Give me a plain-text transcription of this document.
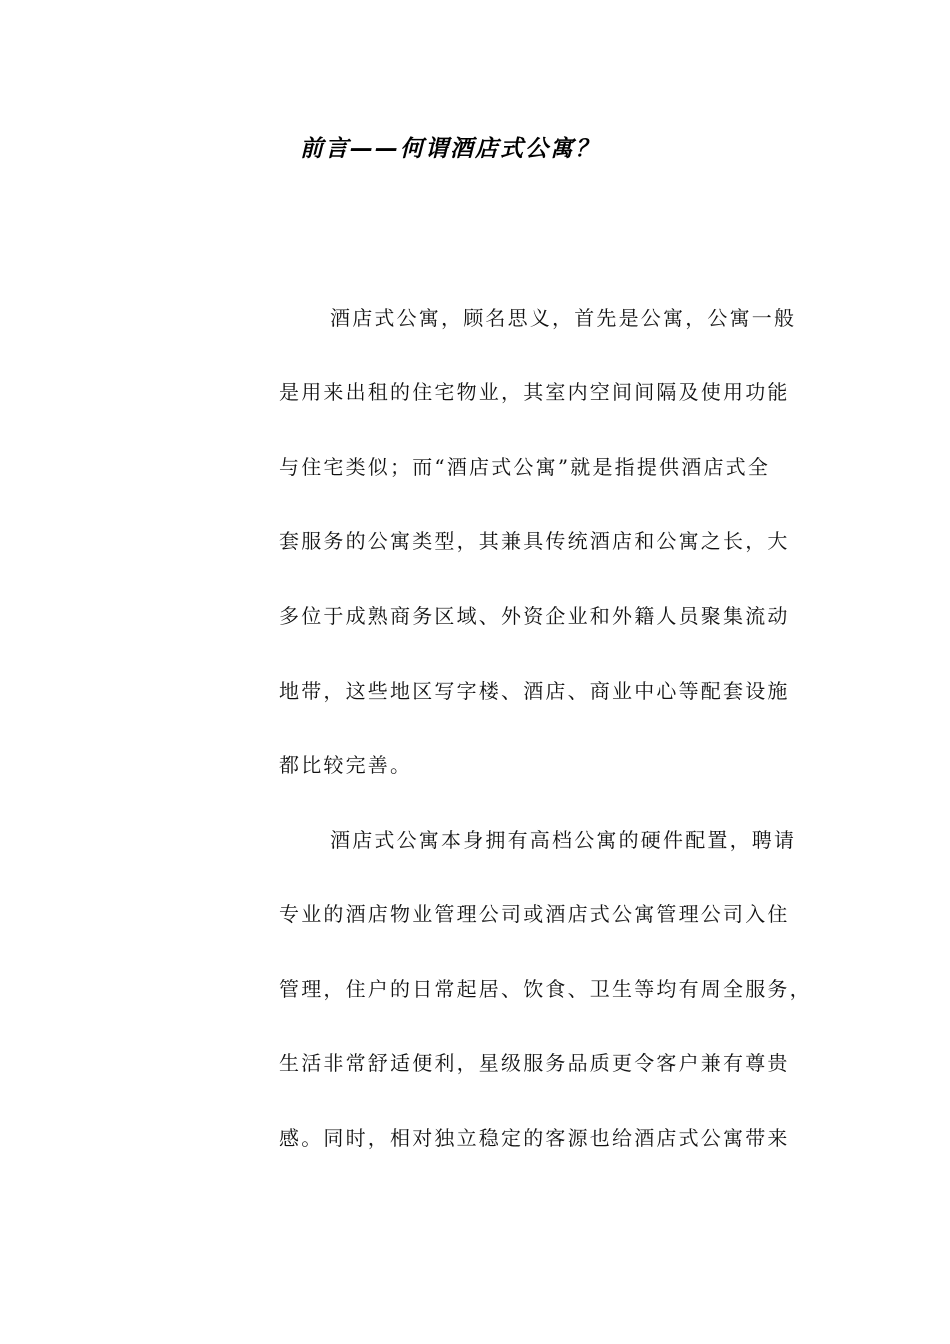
前言——何谓酒店式公寓？
酒店式公寓，顾名思义，首先是公寓，公寓一般
是用来出租的住宅物业，其室内空间间隔及使用功能
与住宅类似；而“酒店式公寓”就是指提供酒店式全
套服务的公寓类型，其兼具传统酒店和公寓之长，大
多位于成熟商务区域、外资企业和外籍人员聚集流动
地带，这些地区写字楼、酒店、商业中心等配套设施
都比较完善。
酒店式公寓本身拥有高档公寓的硬件配置，聘请
专业的酒店物业管理公司或酒店式公寓管理公司入住
管理，住户的日常起居、饮食、卫生等均有周全服务，
生活非常舒适便利，星级服务品质更令客户兼有尊贵
感。同时，相对独立稳定的客源也给酒店式公寓带来
